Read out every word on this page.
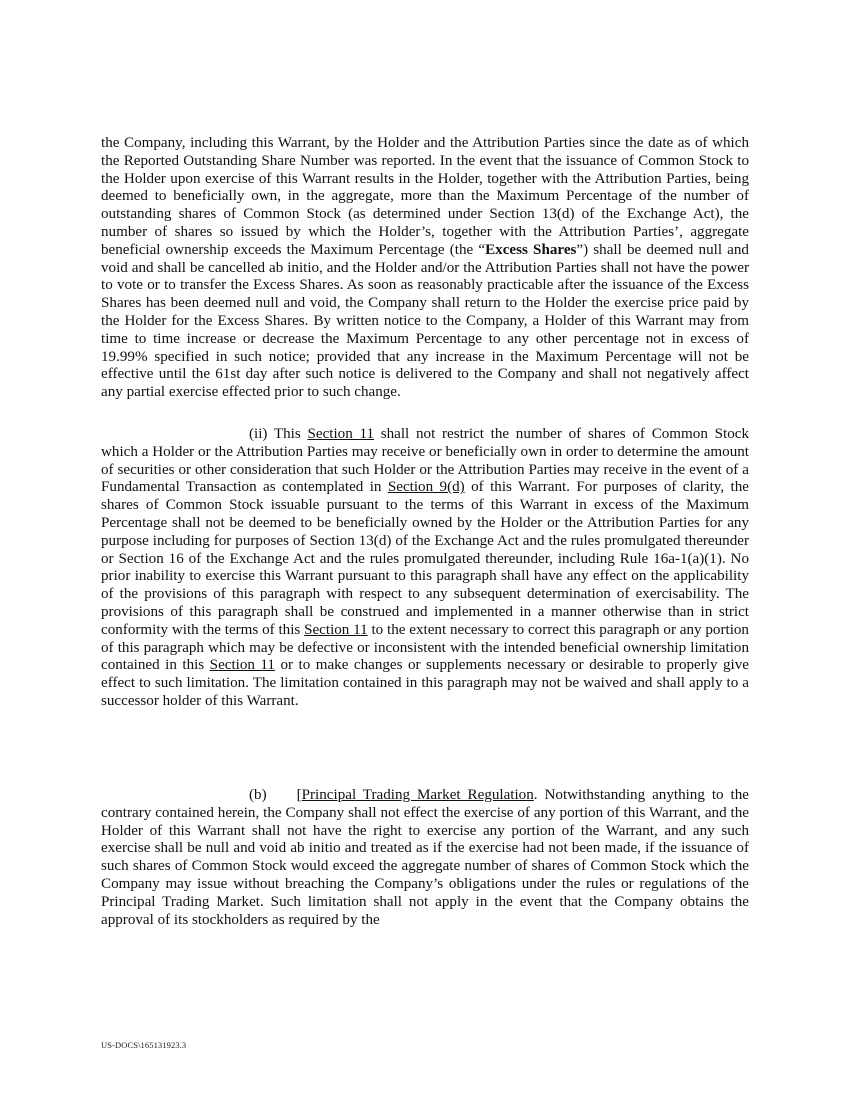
the Company, including this Warrant, by the Holder and the Attribution Parties since the date as of which the Reported Outstanding Share Number was reported. In the event that the issuance of Common Stock to the Holder upon exercise of this Warrant results in the Holder, together with the Attribution Parties, being deemed to beneficially own, in the aggregate, more than the Maximum Percentage of the number of outstanding shares of Common Stock (as determined under Section 13(d) of the Exchange Act), the number of shares so issued by which the Holder’s, together with the Attribution Parties’, aggregate beneficial ownership exceeds the Maximum Percentage (the “Excess Shares”) shall be deemed null and void and shall be cancelled ab initio, and the Holder and/or the Attribution Parties shall not have the power to vote or to transfer the Excess Shares. As soon as reasonably practicable after the issuance of the Excess Shares has been deemed null and void, the Company shall return to the Holder the exercise price paid by the Holder for the Excess Shares. By written notice to the Company, a Holder of this Warrant may from time to time increase or decrease the Maximum Percentage to any other percentage not in excess of 19.99% specified in such notice; provided that any increase in the Maximum Percentage will not be effective until the 61st day after such notice is delivered to the Company and shall not negatively affect any partial exercise effected prior to such change.
(ii) This Section 11 shall not restrict the number of shares of Common Stock which a Holder or the Attribution Parties may receive or beneficially own in order to determine the amount of securities or other consideration that such Holder or the Attribution Parties may receive in the event of a Fundamental Transaction as contemplated in Section 9(d) of this Warrant. For purposes of clarity, the shares of Common Stock issuable pursuant to the terms of this Warrant in excess of the Maximum Percentage shall not be deemed to be beneficially owned by the Holder or the Attribution Parties for any purpose including for purposes of Section 13(d) of the Exchange Act and the rules promulgated thereunder or Section 16 of the Exchange Act and the rules promulgated thereunder, including Rule 16a-1(a)(1). No prior inability to exercise this Warrant pursuant to this paragraph shall have any effect on the applicability of the provisions of this paragraph with respect to any subsequent determination of exercisability. The provisions of this paragraph shall be construed and implemented in a manner otherwise than in strict conformity with the terms of this Section 11 to the extent necessary to correct this paragraph or any portion of this paragraph which may be defective or inconsistent with the intended beneficial ownership limitation contained in this Section 11 or to make changes or supplements necessary or desirable to properly give effect to such limitation. The limitation contained in this paragraph may not be waived and shall apply to a successor holder of this Warrant.
(b) [Principal Trading Market Regulation. Notwithstanding anything to the contrary contained herein, the Company shall not effect the exercise of any portion of this Warrant, and the Holder of this Warrant shall not have the right to exercise any portion of the Warrant, and any such exercise shall be null and void ab initio and treated as if the exercise had not been made, if the issuance of such shares of Common Stock would exceed the aggregate number of shares of Common Stock which the Company may issue without breaching the Company’s obligations under the rules or regulations of the Principal Trading Market. Such limitation shall not apply in the event that the Company obtains the approval of its stockholders as required by the
US-DOCS\165131923.3
